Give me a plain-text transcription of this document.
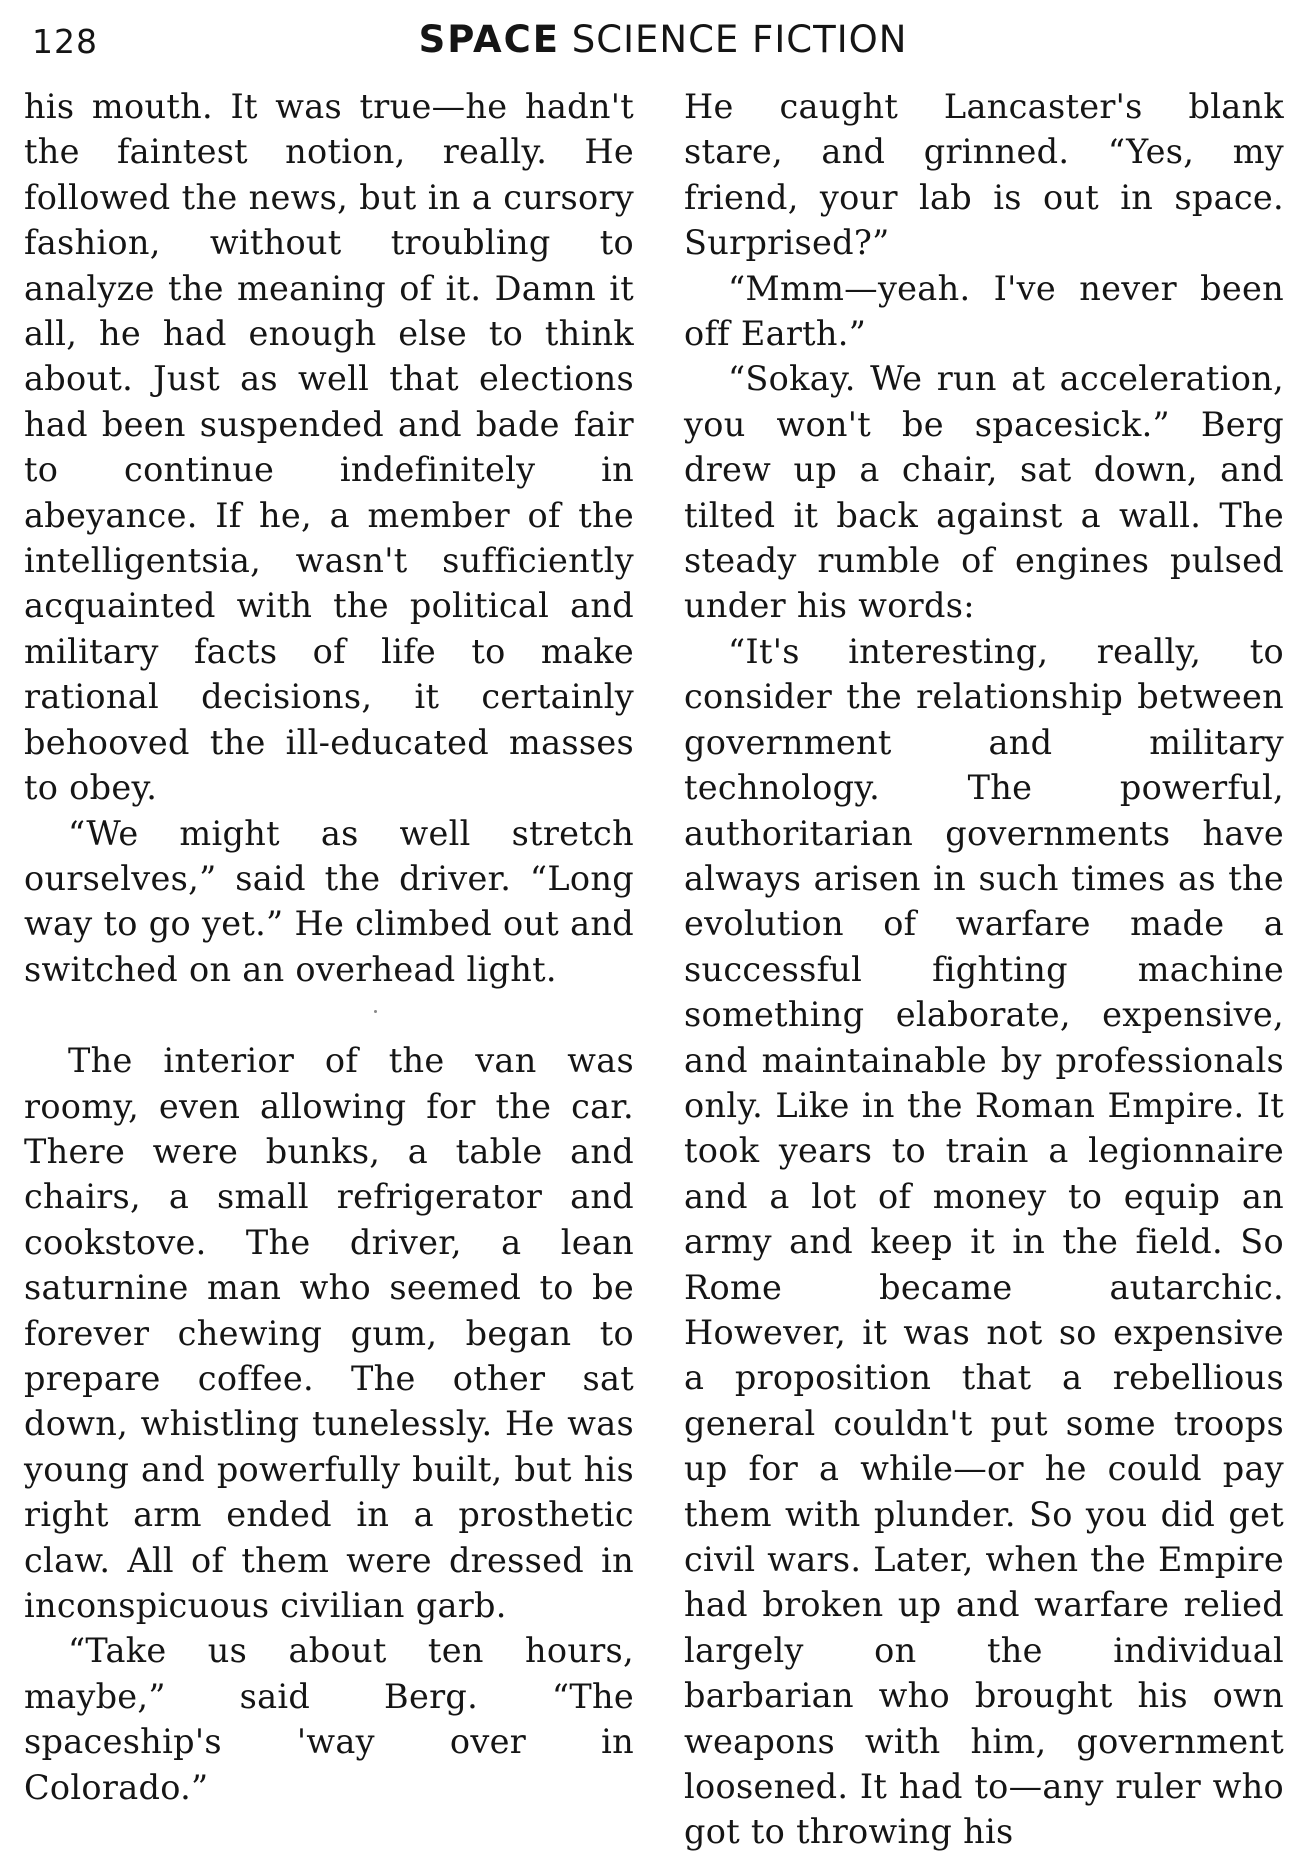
128	SPACE SCIENCE FICTION

his mouth. It was true—he hadn't the faintest notion, really. He followed the news, but in a cursory fashion, without troubling to analyze the meaning of it. Damn it all, he had enough else to think about. Just as well that elections had been suspended and bade fair to continue indefinitely in abeyance. If he, a member of the intelligentsia, wasn't sufficiently acquainted with the political and military facts of life to make rational decisions, it certainly behooved the ill-educated masses to obey.

“We might as well stretch ourselves,” said the driver. “Long way to go yet.” He climbed out and switched on an overhead light.

The interior of the van was roomy, even allowing for the car. There were bunks, a table and chairs, a small refrigerator and cookstove. The driver, a lean saturnine man who seemed to be forever chewing gum, began to prepare coffee. The other sat down, whistling tunelessly. He was young and powerfully built, but his right arm ended in a prosthetic claw. All of them were dressed in inconspicuous civilian garb.

“Take us about ten hours, maybe,” said Berg. “The spaceship's 'way over in Colorado.”

He caught Lancaster's blank stare, and grinned. “Yes, my friend, your lab is out in space. Surprised?”

“Mmm—yeah. I've never been off Earth.”

“Sokay. We run at acceleration, you won't be spacesick.” Berg drew up a chair, sat down, and tilted it back against a wall. The steady rumble of engines pulsed under his words:

“It's interesting, really, to consider the relationship between government and military technology. The powerful, authoritarian governments have always arisen in such times as the evolution of warfare made a successful fighting machine something elaborate, expensive, and maintainable by professionals only. Like in the Roman Empire. It took years to train a legionnaire and a lot of money to equip an army and keep it in the field. So Rome became autarchic. However, it was not so expensive a proposition that a rebellious general couldn't put some troops up for a while—or he could pay them with plunder. So you did get civil wars. Later, when the Empire had broken up and warfare relied largely on the individual barbarian who brought his own weapons with him, government loosened. It had to—any ruler who got to throwing his
